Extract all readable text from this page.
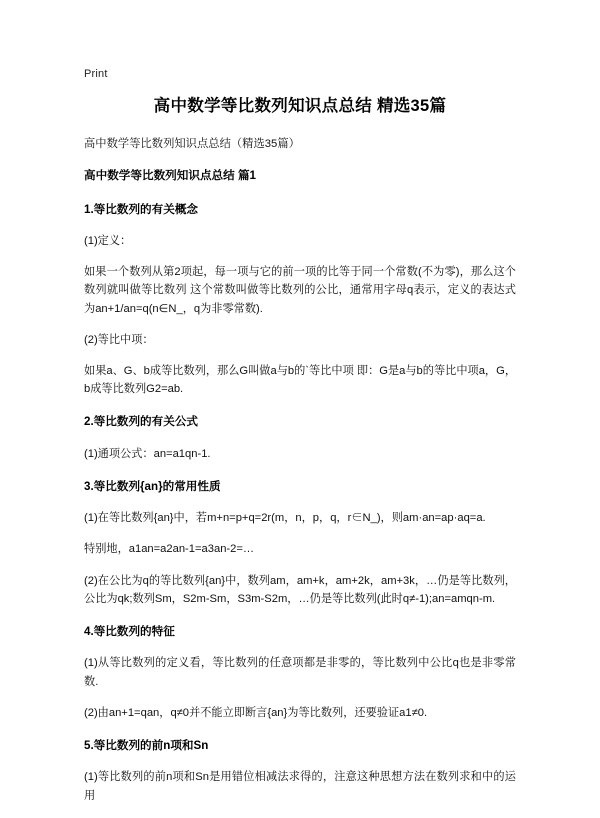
Print
高中数学等比数列知识点总结 精选35篇

高中数学等比数列知识点总结（精选35篇）

高中数学等比数列知识点总结 篇1

1.等比数列的有关概念

(1)定义：

如果一个数列从第2项起，每一项与它的前一项的比等于同一个常数(不为零)，那么这个数列就叫做等比数列 这个常数叫做等比数列的公比，通常用字母q表示，定义的表达式为an+1/an=q(n∈N_，q为非零常数).

(2)等比中项：

如果a、G、b成等比数列，那么G叫做a与b的`等比中项 即：G是a与b的等比中项a，G，b成等比数列G2=ab.

2.等比数列的有关公式

(1)通项公式：an=a1qn-1.

3.等比数列{an}的常用性质

(1)在等比数列{an}中，若m+n=p+q=2r(m，n，p，q，r∈N_)，则am·an=ap·aq=a.

特别地，a1an=a2an-1=a3an-2=…

(2)在公比为q的等比数列{an}中，数列am，am+k，am+2k，am+3k，…仍是等比数列，公比为qk;数列Sm，S2m-Sm，S3m-S2m，…仍是等比数列(此时q≠-1);an=amqn-m.

4.等比数列的特征

(1)从等比数列的定义看，等比数列的任意项都是非零的，等比数列中公比q也是非零常数.

(2)由an+1=qan，q≠0并不能立即断言{an}为等比数列，还要验证a1≠0.

5.等比数列的前n项和Sn

(1)等比数列的前n项和Sn是用错位相减法求得的，注意这种思想方法在数列求和中的运用
